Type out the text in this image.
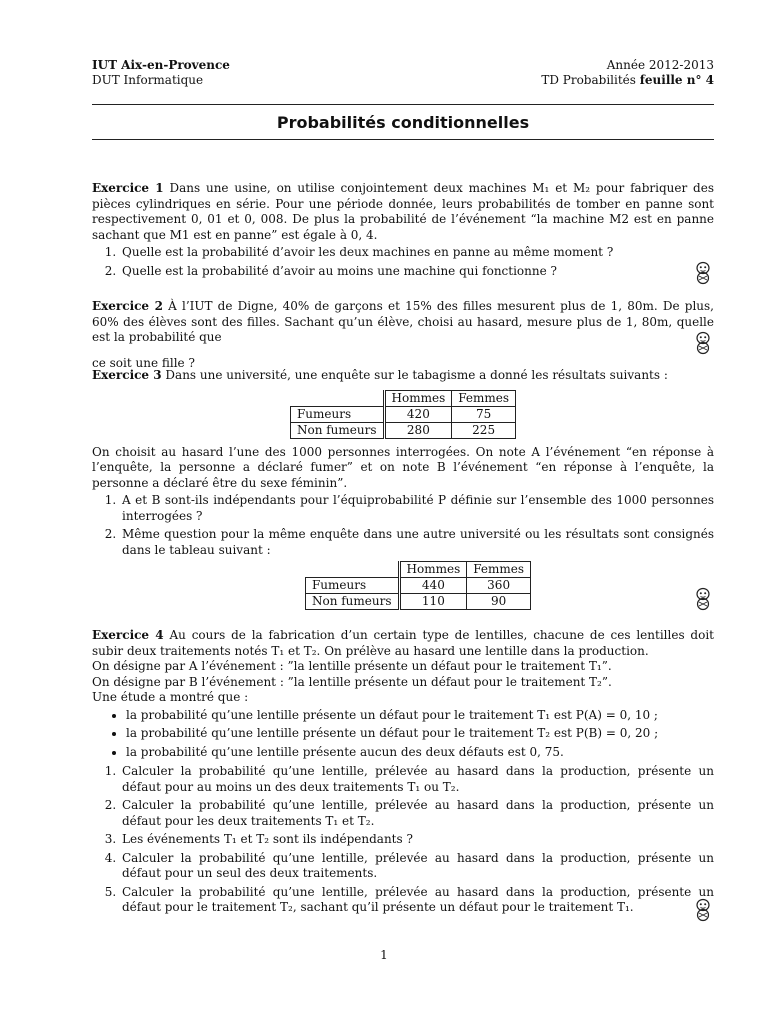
IUT Aix-en-Provence
DUT Informatique
Année 2012-2013
TD Probabilités feuille n° 4
Probabilités conditionnelles

Exercice 1 Dans une usine, on utilise conjointement deux machines M₁ et M₂ pour fabriquer des pièces cylindriques en série. Pour une période donnée, leurs probabilités de tomber en panne sont respectivement 0, 01 et 0, 008. De plus la probabilité de l’événement “la machine M2 est en panne sachant que M1 est en panne” est égale à 0, 4.

1. Quelle est la probabilité d’avoir les deux machines en panne au même moment ?
2. Quelle est la probabilité d’avoir au moins une machine qui fonctionne ?

Exercice 2 À l’IUT de Digne, 40% de garçons et 15% des filles mesurent plus de 1, 80m. De plus, 60% des élèves sont des filles. Sachant qu’un élève, choisi au hasard, mesure plus de 1, 80m, quelle est la probabilité que

ce soit une fille ?

Exercice 3 Dans une université, une enquête sur le tabagisme a donné les résultats suivants :

	Hommes	Femmes
Fumeurs	420	75
Non fumeurs	280	225

On choisit au hasard l’une des 1000 personnes interrogées. On note A l’événement “en réponse à l’enquête, la personne a déclaré fumer” et on note B l’événement “en réponse à l’enquête, la personne a déclaré être du sexe féminin”.

1. A et B sont-ils indépendants pour l’équiprobabilité P définie sur l’ensemble des 1000 personnes interrogées ?
2. Même question pour la même enquête dans une autre université ou les résultats sont consignés dans le tableau suivant :
	Hommes	Femmes
Fumeurs	440	360
Non fumeurs	110	90

Exercice 4 Au cours de la fabrication d’un certain type de lentilles, chacune de ces lentilles doit subir deux traitements notés T₁ et T₂. On prélève au hasard une lentille dans la production.

On désigne par A l’événement : ”la lentille présente un défaut pour le traitement T₁”.

On désigne par B l’événement : ”la lentille présente un défaut pour le traitement T₂”.

Une étude a montré que :

• la probabilité qu’une lentille présente un défaut pour le traitement T₁ est P(A) = 0, 10 ;
• la probabilité qu’une lentille présente un défaut pour le traitement T₂ est P(B) = 0, 20 ;
• la probabilité qu’une lentille présente aucun des deux défauts est 0, 75.
1. Calculer la probabilité qu’une lentille, prélevée au hasard dans la production, présente un défaut pour au moins un des deux traitements T₁ ou T₂.
2. Calculer la probabilité qu’une lentille, prélevée au hasard dans la production, présente un défaut pour les deux traitements T₁ et T₂.
3. Les événements T₁ et T₂ sont ils indépendants ?
4. Calculer la probabilité qu’une lentille, prélevée au hasard dans la production, présente un défaut pour un seul des deux traitements.
5. Calculer la probabilité qu’une lentille, prélevée au hasard dans la production, présente un défaut pour le traitement T₂, sachant qu’il présente un défaut pour le traitement T₁.
1
